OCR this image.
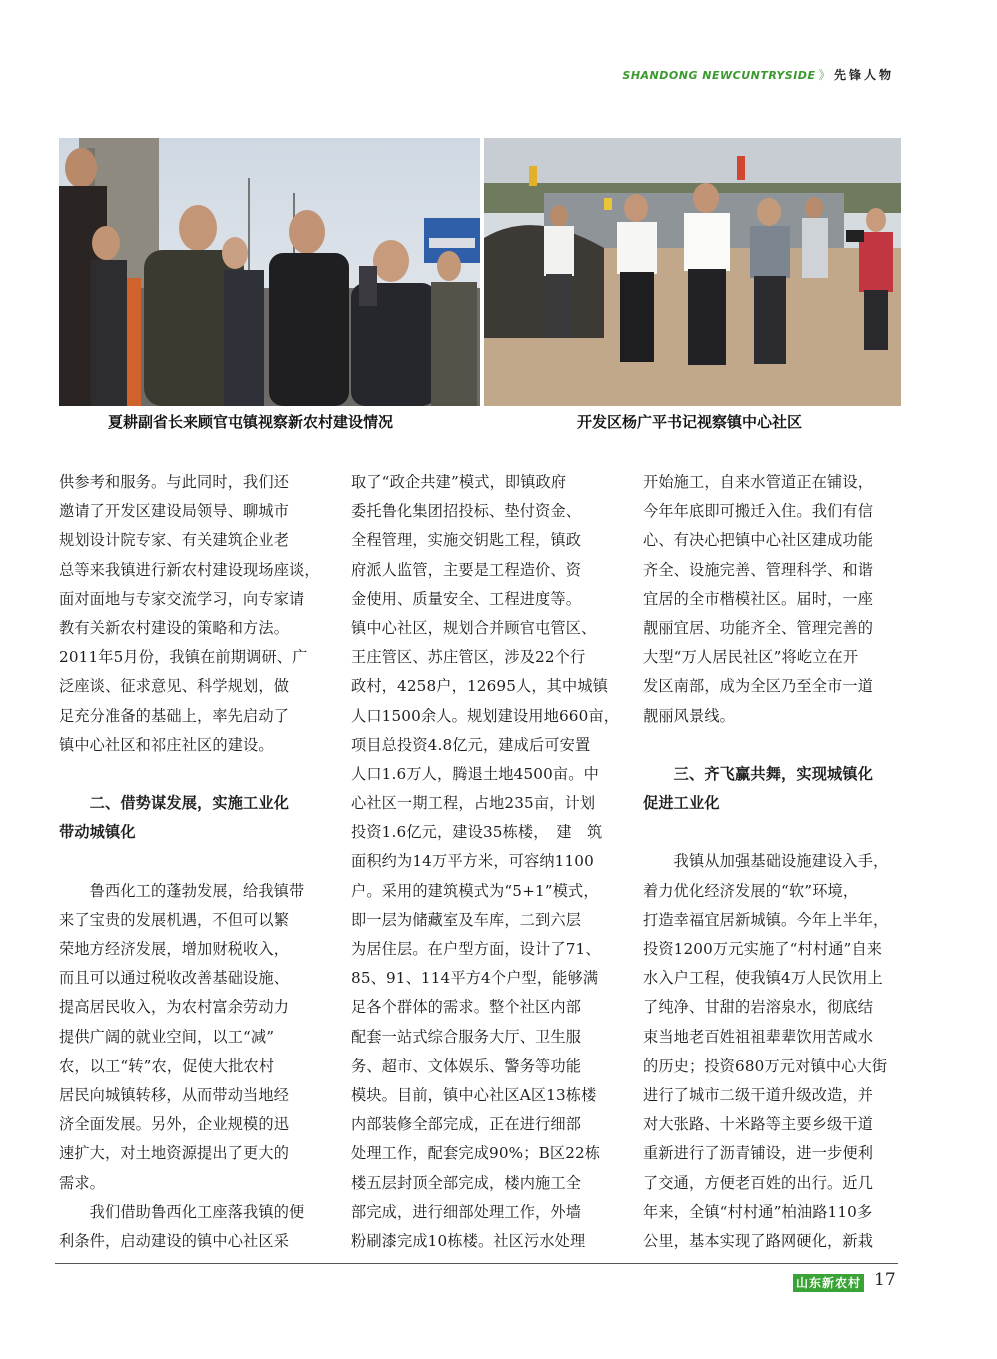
SHANDONG NEWCUNTRYSIDE 》 先锋人物
夏耕副省长来顾官屯镇视察新农村建设情况	开发区杨广平书记视察镇中心社区
供参考和服务。与此同时，我们还
邀请了开发区建设局领导、聊城市
规划设计院专家、有关建筑企业老
总等来我镇进行新农村建设现场座谈，
面对面地与专家交流学习，向专家请
教有关新农村建设的策略和方法。
2011年5月份，我镇在前期调研、广
泛座谈、征求意见、科学规划，做
足充分准备的基础上，率先启动了
镇中心社区和祁庄社区的建设。
　　二、借势谋发展，实施工业化
带动城镇化
　　鲁西化工的蓬勃发展，给我镇带
来了宝贵的发展机遇，不但可以繁
荣地方经济发展，增加财税收入，
而且可以通过税收改善基础设施、
提高居民收入，为农村富余劳动力
提供广阔的就业空间，以工“减”
农，以工“转”农，促使大批农村
居民向城镇转移，从而带动当地经
济全面发展。另外，企业规模的迅
速扩大，对土地资源提出了更大的
需求。
　　我们借助鲁西化工座落我镇的便
利条件，启动建设的镇中心社区采
取了“政企共建”模式，即镇政府
委托鲁化集团招投标、垫付资金、
全程管理，实施交钥匙工程，镇政
府派人监管，主要是工程造价、资
金使用、质量安全、工程进度等。
镇中心社区，规划合并顾官屯管区、
王庄管区、苏庄管区，涉及22个行
政村，4258户，12695人，其中城镇
人口1500余人。规划建设用地660亩，
项目总投资4.8亿元，建成后可安置
人口1.6万人，腾退土地4500亩。中
心社区一期工程，占地235亩，计划
投资1.6亿元，建设35栋楼，　建　筑
面积约为14万平方米，可容纳1100
户。采用的建筑模式为“5+1”模式，
即一层为储藏室及车库，二到六层
为居住层。在户型方面，设计了71、
85、91、114平方4个户型，能够满
足各个群体的需求。整个社区内部
配套一站式综合服务大厅、卫生服
务、超市、文体娱乐、警务等功能
模块。目前，镇中心社区A区13栋楼
内部装修全部完成，正在进行细部
处理工作，配套完成90%；B区22栋
楼五层封顶全部完成，楼内施工全
部完成，进行细部处理工作，外墙
粉刷漆完成10栋楼。社区污水处理
开始施工，自来水管道正在铺设，
今年年底即可搬迁入住。我们有信
心、有决心把镇中心社区建成功能
齐全、设施完善、管理科学、和谐
宜居的全市楷模社区。届时，一座
靓丽宜居、功能齐全、管理完善的
大型“万人居民社区”将屹立在开
发区南部，成为全区乃至全市一道
靓丽风景线。
　　三、齐飞赢共舞，实现城镇化
促进工业化
　　我镇从加强基础设施建设入手，
着力优化经济发展的“软”环境，
打造幸福宜居新城镇。今年上半年，
投资1200万元实施了“村村通”自来
水入户工程，使我镇4万人民饮用上
了纯净、甘甜的岩溶泉水，彻底结
束当地老百姓祖祖辈辈饮用苦咸水
的历史；投资680万元对镇中心大街
进行了城市二级干道升级改造，并
对大张路、十米路等主要乡级干道
重新进行了沥青铺设，进一步便利
了交通，方便老百姓的出行。近几
年来，全镇“村村通”柏油路110多
公里，基本实现了路网硬化，新栽
山东新农村 17
